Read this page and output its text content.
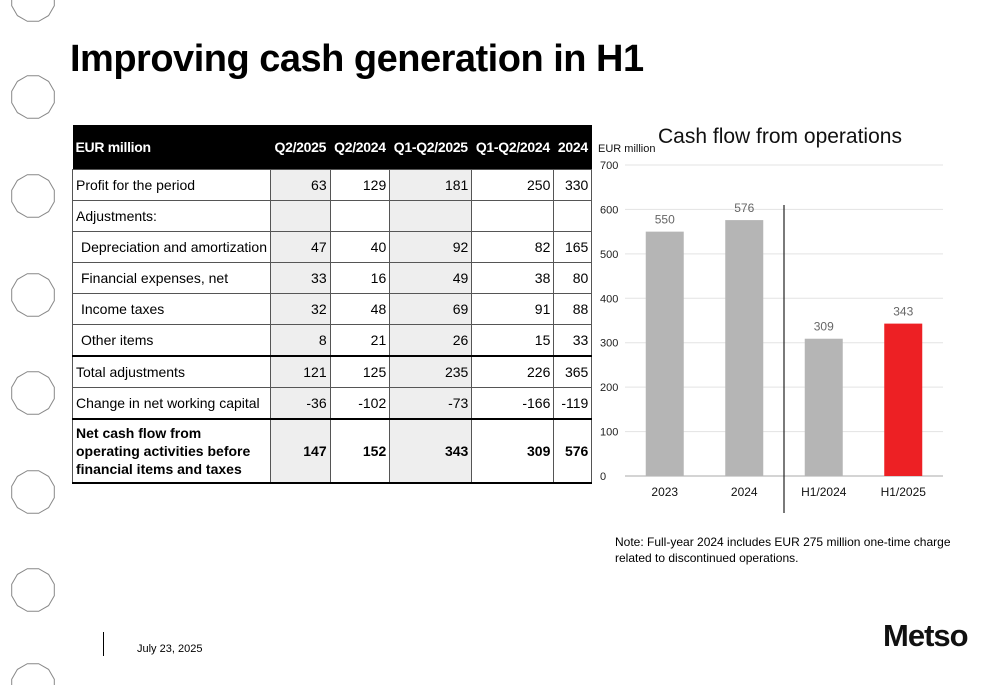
Improving cash generation in H1
EUR million	Q2/2025	Q2/2024	Q1-Q2/2025	Q1-Q2/2024	2024
Profit for the period	63	129	181	250	330
Adjustments:					
Depreciation and amortization	47	40	92	82	165
Financial expenses, net	33	16	49	38	80
Income taxes	32	48	69	91	88
Other items	8	21	26	15	33
Total adjustments	121	125	235	226	365
Change in net working capital	-36	-102	-73	-166	-119
Net cash flow from operating activities before financial items and taxes	147	152	343	309	576
Cash flow from operations
EUR million
0
100
200
300
400
500
600
700
550
2023
576
2024
309
H1/2024
343
H1/2025

Note: Full-year 2024 includes EUR 275 million one-time charge related to discontinued operations.

July 23, 2025	Metso
